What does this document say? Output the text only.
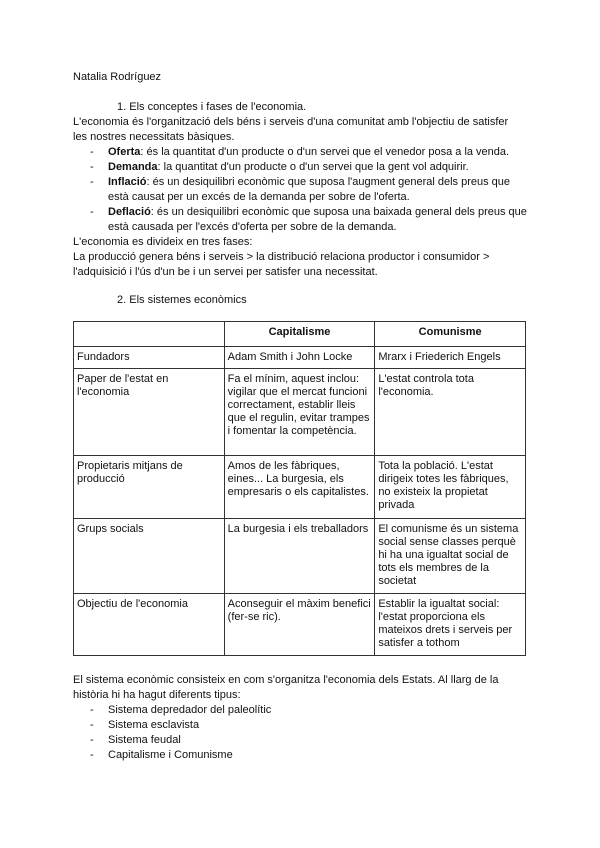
Natalia Rodríguez
1. Els conceptes i fases de l'economia.
L'economia és l'organització dels béns i serveis d'una comunitat amb l'objectiu de satisfer
les nostres necessitats bàsiques.
- Oferta: és la quantitat d'un producte o d'un servei que el venedor posa a la venda.
- Demanda: la quantitat d'un producte o d'un servei que la gent vol adquirir.
- Inflació: és un desiquilibri econòmic que suposa l'augment general dels preus que està causat per un excés de la demanda per sobre de l'oferta.
- Deflació: és un desiquilibri econòmic que suposa una baixada general dels preus que està causada per l'excés d'oferta per sobre de la demanda.
L'economia es divideix en tres fases:
La producció genera béns i serveis > la distribució relaciona productor i consumidor >
l'adquisició i l'ús d'un be i un servei per satisfer una necessitat.
2. Els sistemes econòmics
	Capitalisme	Comunisme
Fundadors	Adam Smith i John Locke	Mrarx i Friederich Engels
Paper de l'estat en l'economia	Fa el mínim, aquest inclou: vigilar que el mercat funcioni correctament, establir lleis que el regulin, evitar trampes i fomentar la competència.	L'estat controla tota l'economia.
Propietaris mitjans de producció	Amos de les fàbriques, eines... La burgesia, els empresaris o els capitalistes.	Tota la població. L'estat dirigeix totes les fàbriques, no existeix la propietat privada
Grups socials	La burgesia i els treballadors	El comunisme és un sistema social sense classes perquè hi ha una igualtat social de tots els membres de la societat
Objectiu de l'economia	Aconseguir el màxim benefici (fer-se ric).	Establir la igualtat social: l'estat proporciona els mateixos drets i serveis per satisfer a tothom
El sistema econòmic consisteix en com s'organitza l'economia dels Estats. Al llarg de la
història hi ha hagut diferents tipus:
- Sistema depredador del paleolític
- Sistema esclavista
- Sistema feudal
- Capitalisme i Comunisme
